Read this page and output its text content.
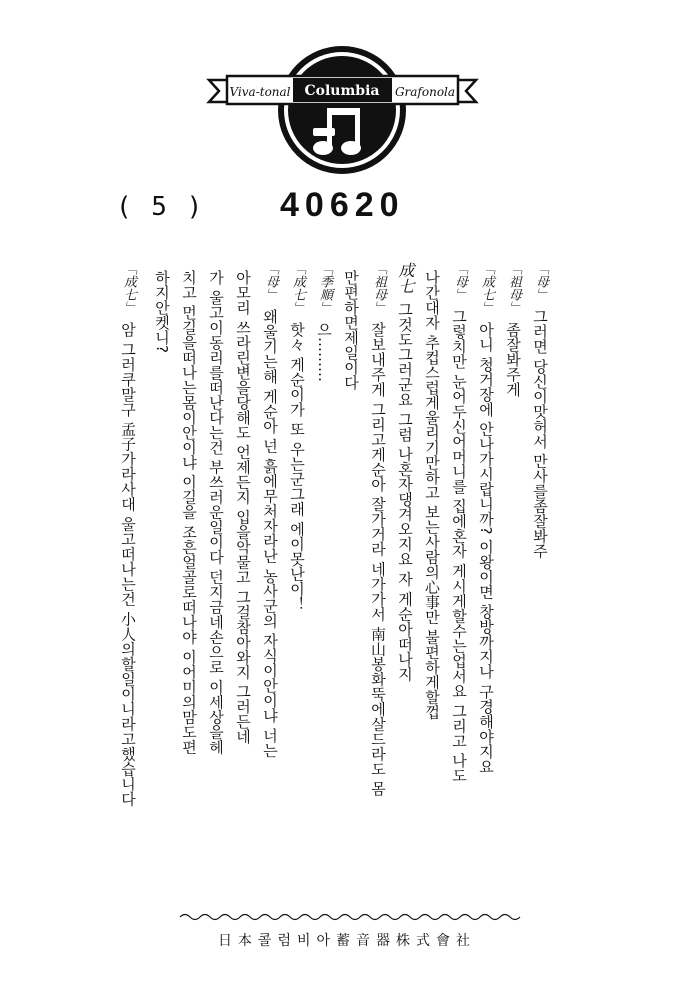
Viva-tonal Columbia Grafonola
( 5 ) 40620
「母」그러면 당신이맛허서 만사를좀잘봐주
「祖母」좀잘봐주게
「成七」아니 청거장에 안나가시랍니까? 이왕이면 창방까지나 구경해야지요
「母」그렇치만 눈어두신어머니를 집에혼자 게시게할수는업서요 그리고 나도
나간대자 추컵스럽게울리기만하고 보는사람의心事만 불편하게할껍
成七그것도그러군요 그럼 나혼자댕겨오지요 자 게순아떠나지
「祖母」잘보내주게 그리고게순아 잘가거라 네가가서 南山봉화뚝에살드라도 몸
만편하면제일이다
「季順」으………
「成七」핫々 게순이가 또 우는군그래 에이못난이！
「母」왜울기는해 게순아 넌 흙에무처자라난 농사군의 자식이안이냐 너는
아모리 쓰라린변을당해도 언제든지 입을악물고 그걸참아와지 그러든네
가 울고이동리를떠난다는건 부쓰러운일이다 던지금네손으로 이세상을헤
치고 먼길을떠나는몸이안이냐 이길을 조흔얼골로떠나야 이어미의맘도편
하지안켓니?
「成七」암 그러쿠말구 孟子가라사대 울고떠나는건 小人의할일이니라고했습니다
日本콜럼비아蓄音器株式會社
